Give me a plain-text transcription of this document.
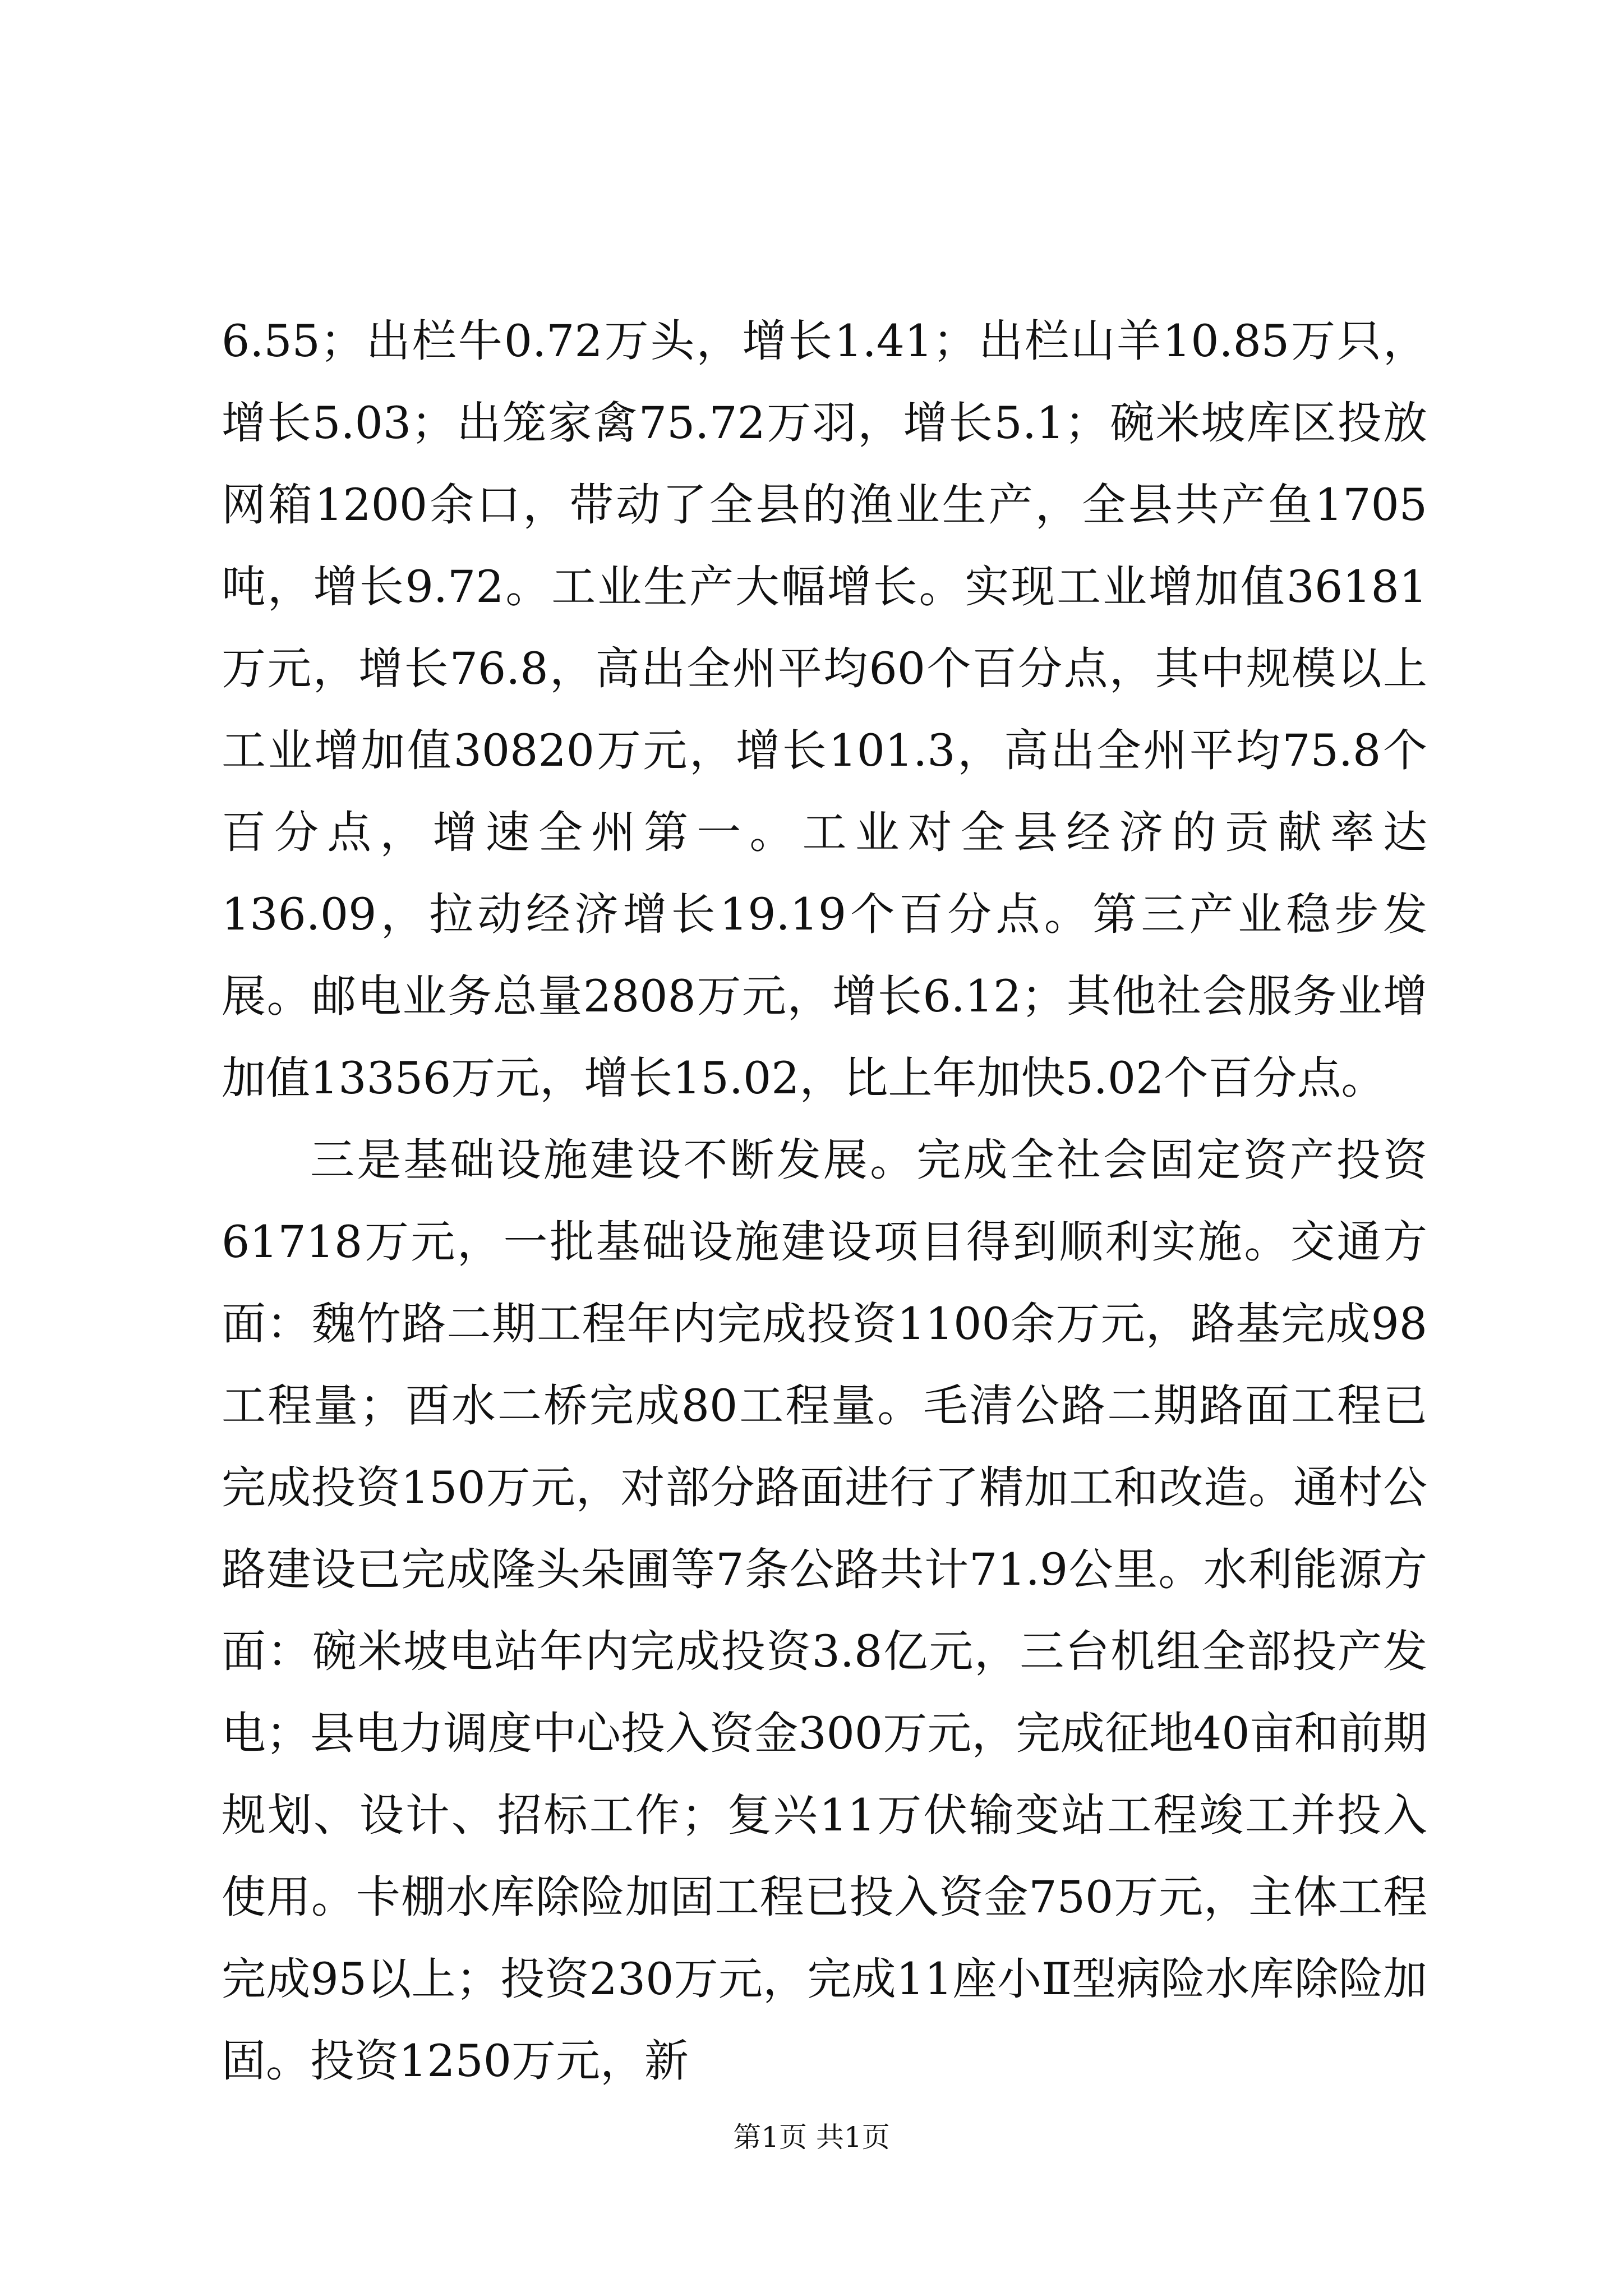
6.55；出栏牛0.72万头，增长1.41；出栏山羊10.85万只，增长5.03；出笼家禽75.72万羽，增长5.1；碗米坡库区投放网箱1200余口，带动了全县的渔业生产，全县共产鱼1705吨，增长9.72。工业生产大幅增长。实现工业增加值36181万元，增长76.8，高出全州平均60个百分点，其中规模以上工业增加值30820万元，增长101.3，高出全州平均75.8个百分点，增速全州第一。工业对全县经济的贡献率达136.09，拉动经济增长19.19个百分点。第三产业稳步发展。邮电业务总量2808万元，增长6.12；其他社会服务业增加值13356万元，增长15.02，比上年加快5.02个百分点。

三是基础设施建设不断发展。完成全社会固定资产投资61718万元，一批基础设施建设项目得到顺利实施。交通方面：魏竹路二期工程年内完成投资1100余万元，路基完成98工程量；酉水二桥完成80工程量。毛清公路二期路面工程已完成投资150万元，对部分路面进行了精加工和改造。通村公路建设已完成隆头朵圃等7条公路共计71.9公里。水利能源方面：碗米坡电站年内完成投资3.8亿元，三台机组全部投产发电；县电力调度中心投入资金300万元，完成征地40亩和前期规划、设计、招标工作；复兴11万伏输变站工程竣工并投入使用。卡棚水库除险加固工程已投入资金750万元，主体工程完成95以上；投资230万元，完成11座小Ⅱ型病险水库除险加固。投资1250万元，新

第1页 共1页
